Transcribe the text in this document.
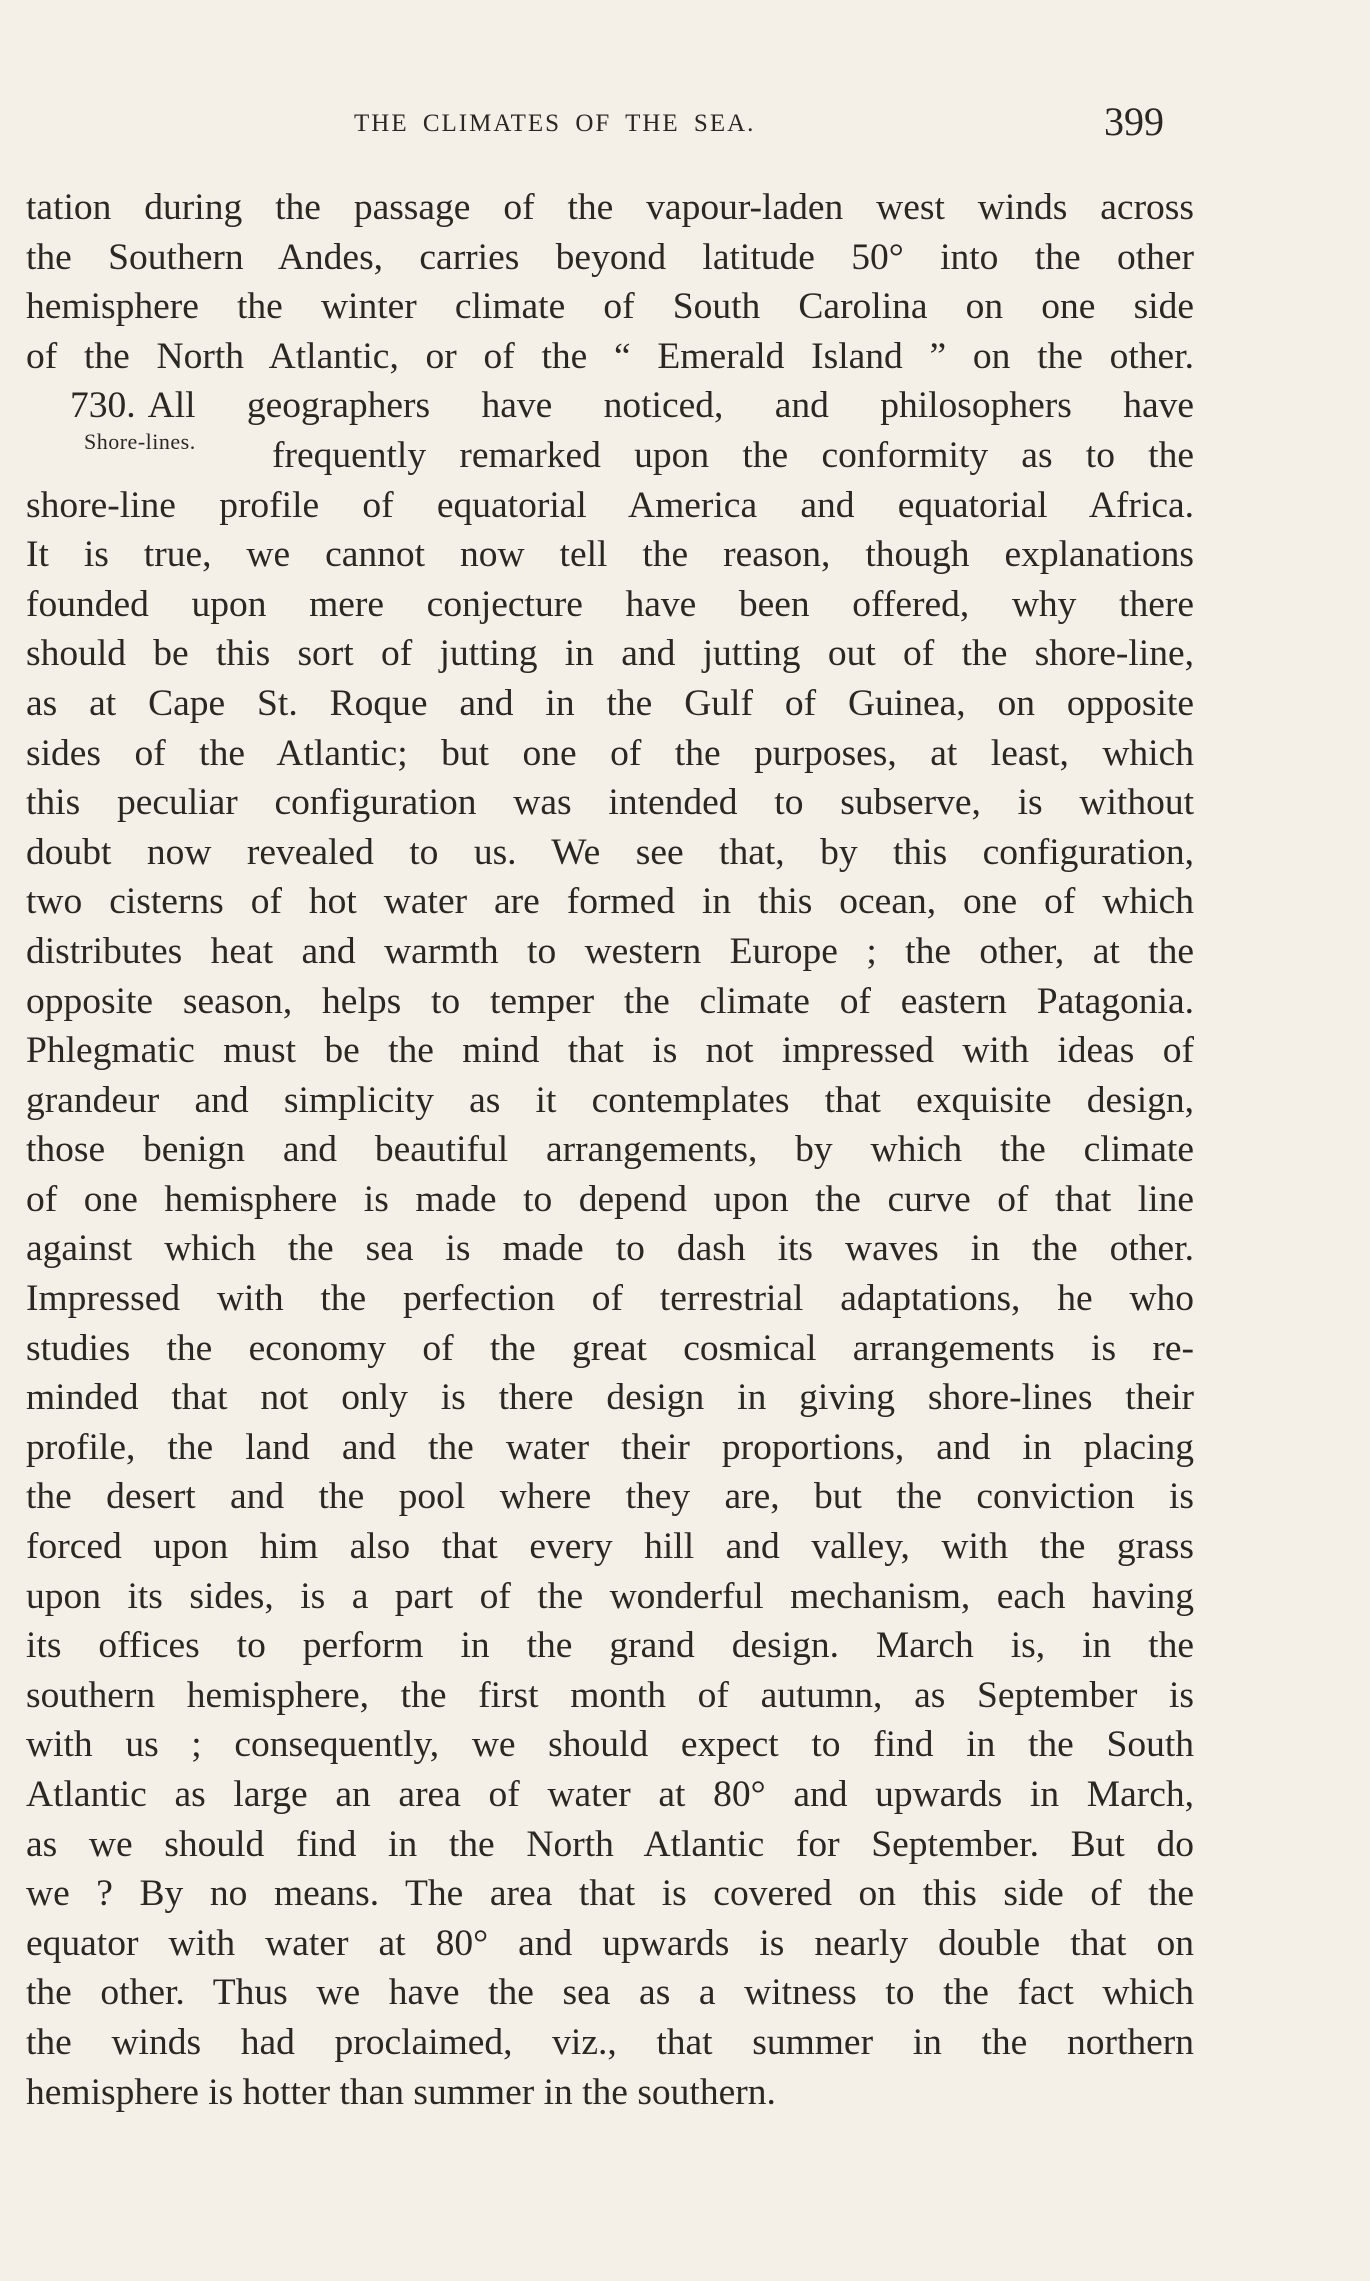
THE CLIMATES OF THE SEA.	399
Shore-lines.
tation during the passage of the vapour-laden west winds across
the Southern Andes, carries beyond latitude 50° into the other
hemisphere the winter climate of South Carolina on one side
of the North Atlantic, or of the “ Emerald Island ” on the other.
730. All geographers have noticed, and philosophers have
frequently remarked upon the conformity as to the
shore-line profile of equatorial America and equatorial Africa.
It is true, we cannot now tell the reason, though explanations
founded upon mere conjecture have been offered, why there
should be this sort of jutting in and jutting out of the shore-line,
as at Cape St. Roque and in the Gulf of Guinea, on opposite
sides of the Atlantic; but one of the purposes, at least, which
this peculiar configuration was intended to subserve, is without
doubt now revealed to us. We see that, by this configuration,
two cisterns of hot water are formed in this ocean, one of which
distributes heat and warmth to western Europe ; the other, at the
opposite season, helps to temper the climate of eastern Patagonia.
Phlegmatic must be the mind that is not impressed with ideas of
grandeur and simplicity as it contemplates that exquisite design,
those benign and beautiful arrangements, by which the climate
of one hemisphere is made to depend upon the curve of that line
against which the sea is made to dash its waves in the other.
Impressed with the perfection of terrestrial adaptations, he who
studies the economy of the great cosmical arrangements is re-
minded that not only is there design in giving shore-lines their
profile, the land and the water their proportions, and in placing
the desert and the pool where they are, but the conviction is
forced upon him also that every hill and valley, with the grass
upon its sides, is a part of the wonderful mechanism, each having
its offices to perform in the grand design. March is, in the
southern hemisphere, the first month of autumn, as September is
with us ; consequently, we should expect to find in the South
Atlantic as large an area of water at 80° and upwards in March,
as we should find in the North Atlantic for September. But do
we ? By no means. The area that is covered on this side of the
equator with water at 80° and upwards is nearly double that on
the other. Thus we have the sea as a witness to the fact which
the winds had proclaimed, viz., that summer in the northern
hemisphere is hotter than summer in the southern.
